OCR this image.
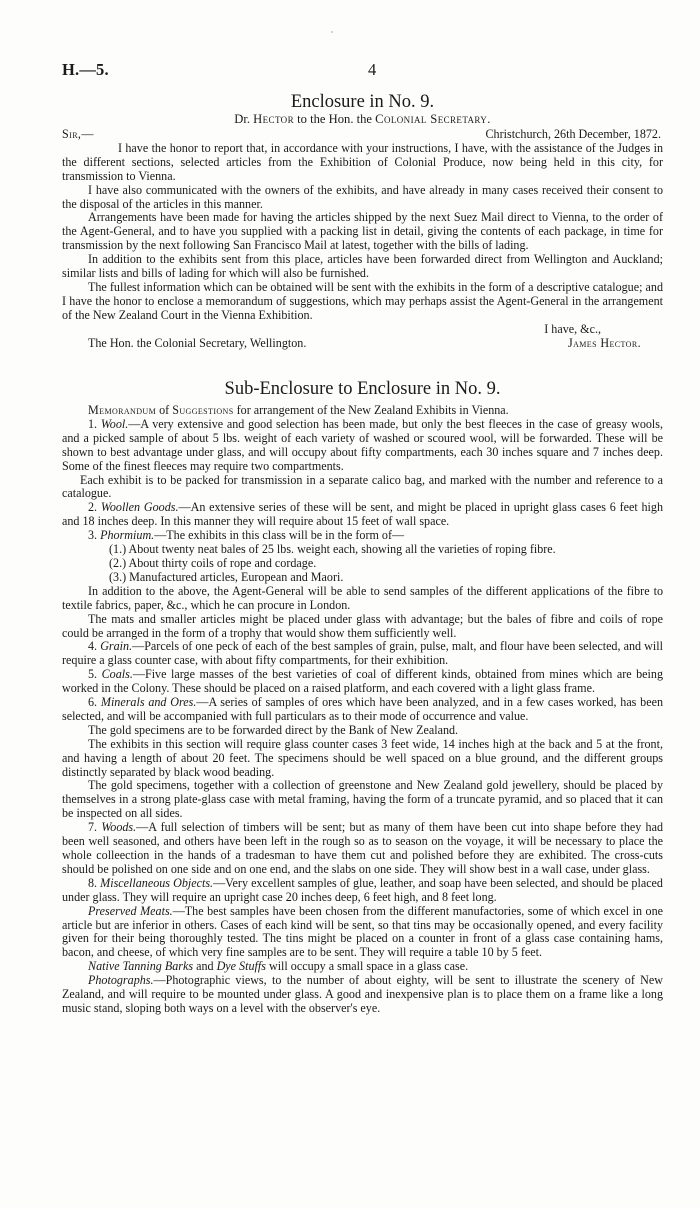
H.—5.	4
Enclosure in No. 9.
Dr. Hector to the Hon. the Colonial Secretary.
Sir,—	Christchurch, 26th December, 1872.

I have the honor to report that, in accordance with your instructions, I have, with the assistance of the Judges in the different sections, selected articles from the Exhibition of Colonial Produce, now being held in this city, for transmission to Vienna.

I have also communicated with the owners of the exhibits, and have already in many cases received their consent to the disposal of the articles in this manner.

Arrangements have been made for having the articles shipped by the next Suez Mail direct to Vienna, to the order of the Agent-General, and to have you supplied with a packing list in detail, giving the contents of each package, in time for transmission by the next following San Francisco Mail at latest, together with the bills of lading.

In addition to the exhibits sent from this place, articles have been forwarded direct from Wellington and Auckland; similar lists and bills of lading for which will also be furnished.

The fullest information which can be obtained will be sent with the exhibits in the form of a descriptive catalogue; and I have the honor to enclose a memorandum of suggestions, which may perhaps assist the Agent-General in the arrangement of the New Zealand Court in the Vienna Exhibition.

I have, &c.,
The Hon. the Colonial Secretary, Wellington.	James Hector.
Sub-Enclosure to Enclosure in No. 9.

Memorandum of Suggestions for arrangement of the New Zealand Exhibits in Vienna.

1. Wool.—A very extensive and good selection has been made, but only the best fleeces in the case of greasy wools, and a picked sample of about 5 lbs. weight of each variety of washed or scoured wool, will be forwarded. These will be shown to best advantage under glass, and will occupy about fifty compartments, each 30 inches square and 7 inches deep. Some of the finest fleeces may require two compartments.

Each exhibit is to be packed for transmission in a separate calico bag, and marked with the number and reference to a catalogue.

2. Woollen Goods.—An extensive series of these will be sent, and might be placed in upright glass cases 6 feet high and 18 inches deep. In this manner they will require about 15 feet of wall space.

3. Phormium.—The exhibits in this class will be in the form of—

(1.) About twenty neat bales of 25 lbs. weight each, showing all the varieties of roping fibre.

(2.) About thirty coils of rope and cordage.

(3.) Manufactured articles, European and Maori.

In addition to the above, the Agent-General will be able to send samples of the different applications of the fibre to textile fabrics, paper, &c., which he can procure in London.

The mats and smaller articles might be placed under glass with advantage; but the bales of fibre and coils of rope could be arranged in the form of a trophy that would show them sufficiently well.

4. Grain.—Parcels of one peck of each of the best samples of grain, pulse, malt, and flour have been selected, and will require a glass counter case, with about fifty compartments, for their exhibition.

5. Coals.—Five large masses of the best varieties of coal of different kinds, obtained from mines which are being worked in the Colony. These should be placed on a raised platform, and each covered with a light glass frame.

6. Minerals and Ores.—A series of samples of ores which have been analyzed, and in a few cases worked, has been selected, and will be accompanied with full particulars as to their mode of occurrence and value.

The gold specimens are to be forwarded direct by the Bank of New Zealand.

The exhibits in this section will require glass counter cases 3 feet wide, 14 inches high at the back and 5 at the front, and having a length of about 20 feet. The specimens should be well spaced on a blue ground, and the different groups distinctly separated by black wood beading.

The gold specimens, together with a collection of greenstone and New Zealand gold jewellery, should be placed by themselves in a strong plate-glass case with metal framing, having the form of a truncate pyramid, and so placed that it can be inspected on all sides.

7. Woods.—A full selection of timbers will be sent; but as many of them have been cut into shape before they had been well seasoned, and others have been left in the rough so as to season on the voyage, it will be necessary to place the whole colleection in the hands of a tradesman to have them cut and polished before they are exhibited. The cross-cuts should be polished on one side and on one end, and the slabs on one side. They will show best in a wall case, under glass.

8. Miscellaneous Objects.—Very excellent samples of glue, leather, and soap have been selected, and should be placed under glass. They will require an upright case 20 inches deep, 6 feet high, and 8 feet long.

Preserved Meats.—The best samples have been chosen from the different manufactories, some of which excel in one article but are inferior in others. Cases of each kind will be sent, so that tins may be occasionally opened, and every facility given for their being thoroughly tested. The tins might be placed on a counter in front of a glass case containing hams, bacon, and cheese, of which very fine samples are to be sent. They will require a table 10 by 5 feet.

Native Tanning Barks and Dye Stuffs will occupy a small space in a glass case.

Photographs.—Photographic views, to the number of about eighty, will be sent to illustrate the scenery of New Zealand, and will require to be mounted under glass. A good and inexpensive plan is to place them on a frame like a long music stand, sloping both ways on a level with the observer's eye.
